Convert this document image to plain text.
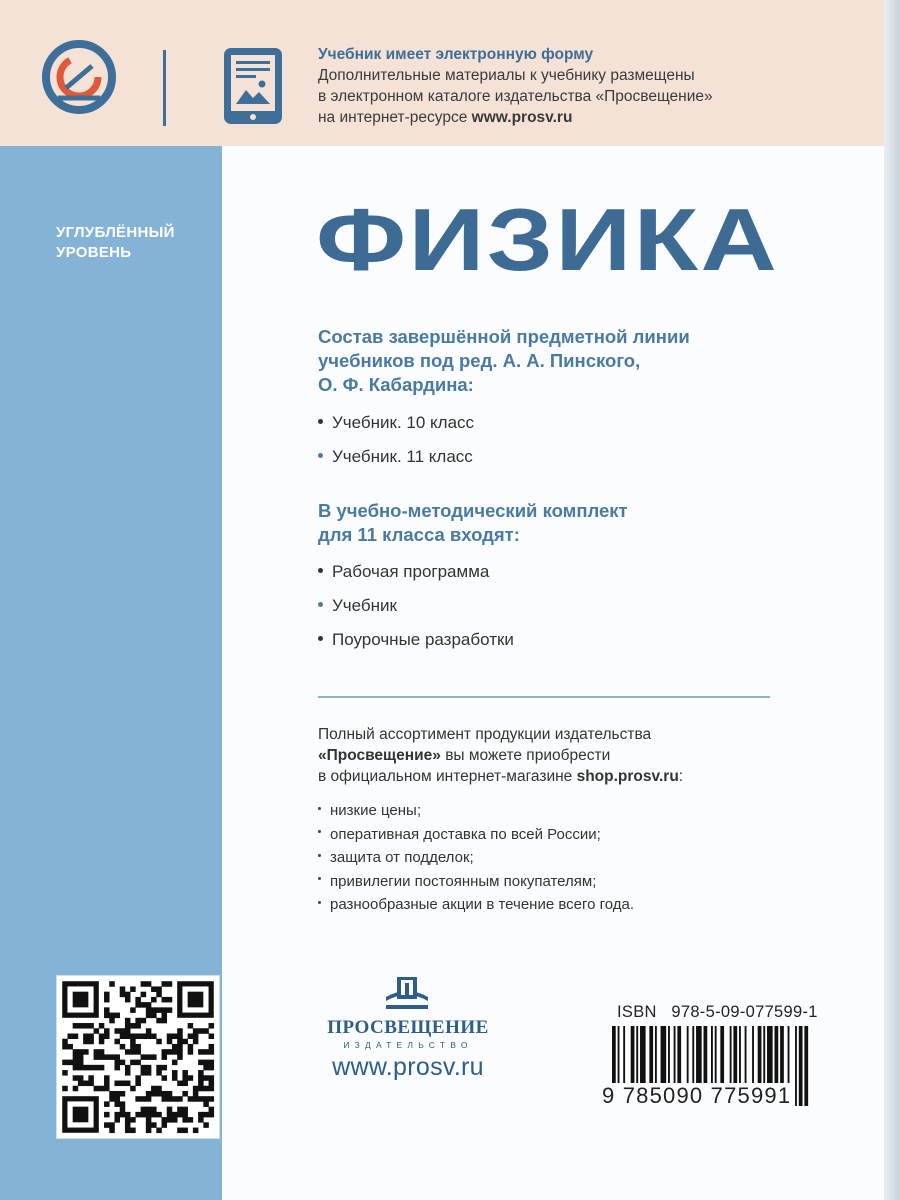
Учебник имеет электронную форму
Дополнительные материалы к учебнику размещены
в электронном каталоге издательства «Просвещение»
на интернет-ресурсе www.prosv.ru
УГЛУБЛЁННЫЙ
УРОВЕНЬ	ФИЗИКА
Состав завершённой предметной линии
учебников под ред. А. А. Пинского,
О. Ф. Кабардина:
Учебник. 10 класс
Учебник. 11 класс
В учебно-методический комплект
для 11 класса входят:
Рабочая программа
Учебник
Поурочные разработки
Полный ассортимент продукции издательства
«Просвещение» вы можете приобрести
в официальном интернет-магазине shop.prosv.ru:
низкие цены;
оперативная доставка по всей России;
защита от подделок;
привилегии постоянным покупателям;
разнообразные акции в течение всего года.
ПРОСВЕЩЕНИЕ
ИЗДАТЕЛЬСТВО
www.prosv.ru
ISBN 978-5-09-077599-1
9 785090 775991
